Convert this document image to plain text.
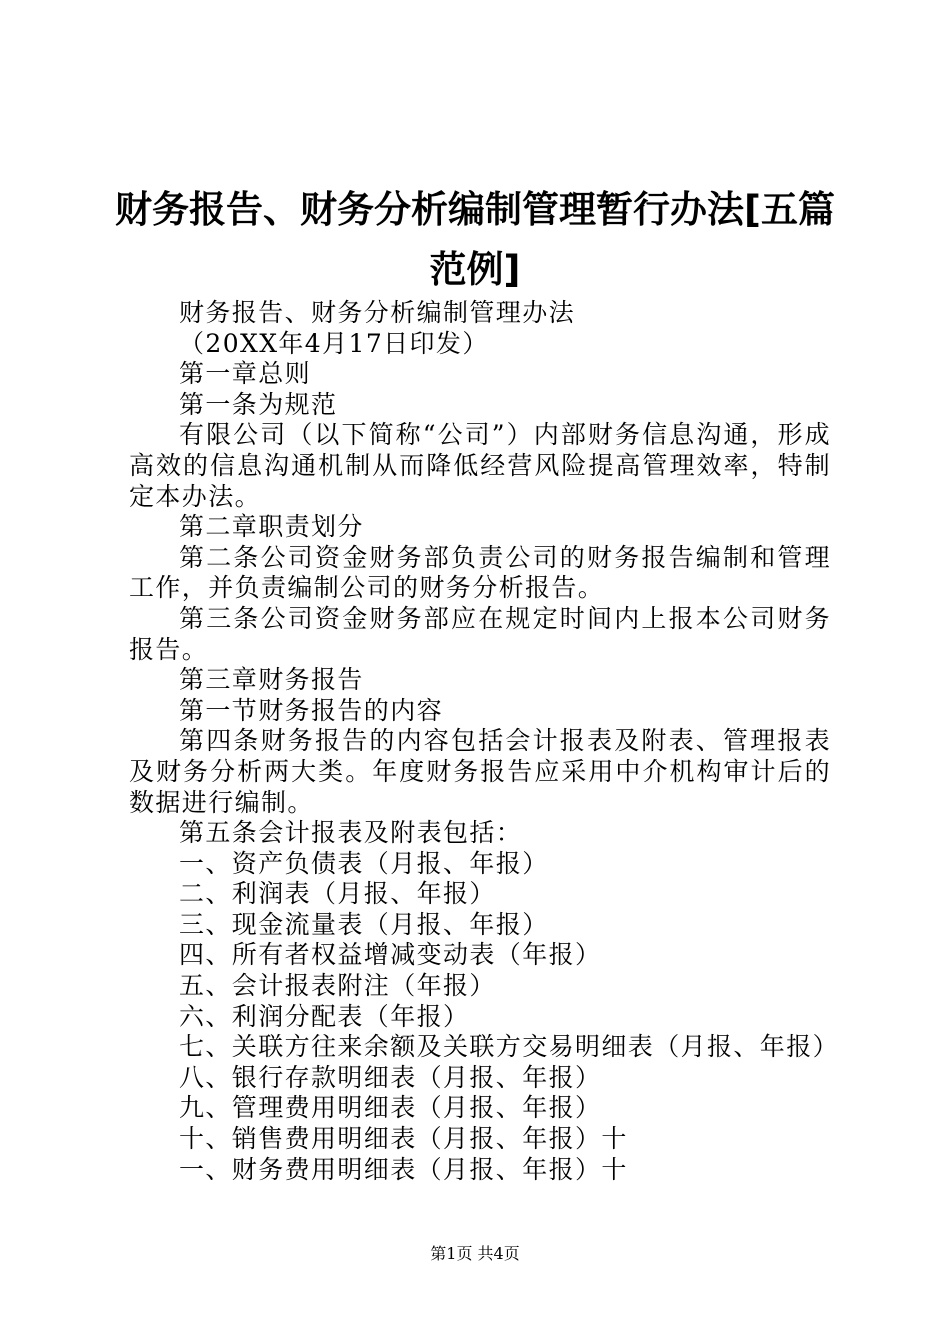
财务报告、财务分析编制管理暂行办法[五篇范例]

财务报告、财务分析编制管理办法

（20XX年4月17日印发）

第一章总则

第一条为规范

有限公司（以下简称“公司”）内部财务信息沟通，形成高效的信息沟通机制从而降低经营风险提高管理效率，特制定本办法。

第二章职责划分

第二条公司资金财务部负责公司的财务报告编制和管理工作，并负责编制公司的财务分析报告。

第三条公司资金财务部应在规定时间内上报本公司财务报告。

第三章财务报告

第一节财务报告的内容

第四条财务报告的内容包括会计报表及附表、管理报表及财务分析两大类。年度财务报告应采用中介机构审计后的数据进行编制。

第五条会计报表及附表包括：

一、资产负债表（月报、年报）

二、利润表（月报、年报）

三、现金流量表（月报、年报）

四、所有者权益增减变动表（年报）

五、会计报表附注（年报）

六、利润分配表（年报）

七、关联方往来余额及关联方交易明细表（月报、年报）

八、银行存款明细表（月报、年报）

九、管理费用明细表（月报、年报）

十、销售费用明细表（月报、年报）十

一、财务费用明细表（月报、年报）十

第1页 共4页
